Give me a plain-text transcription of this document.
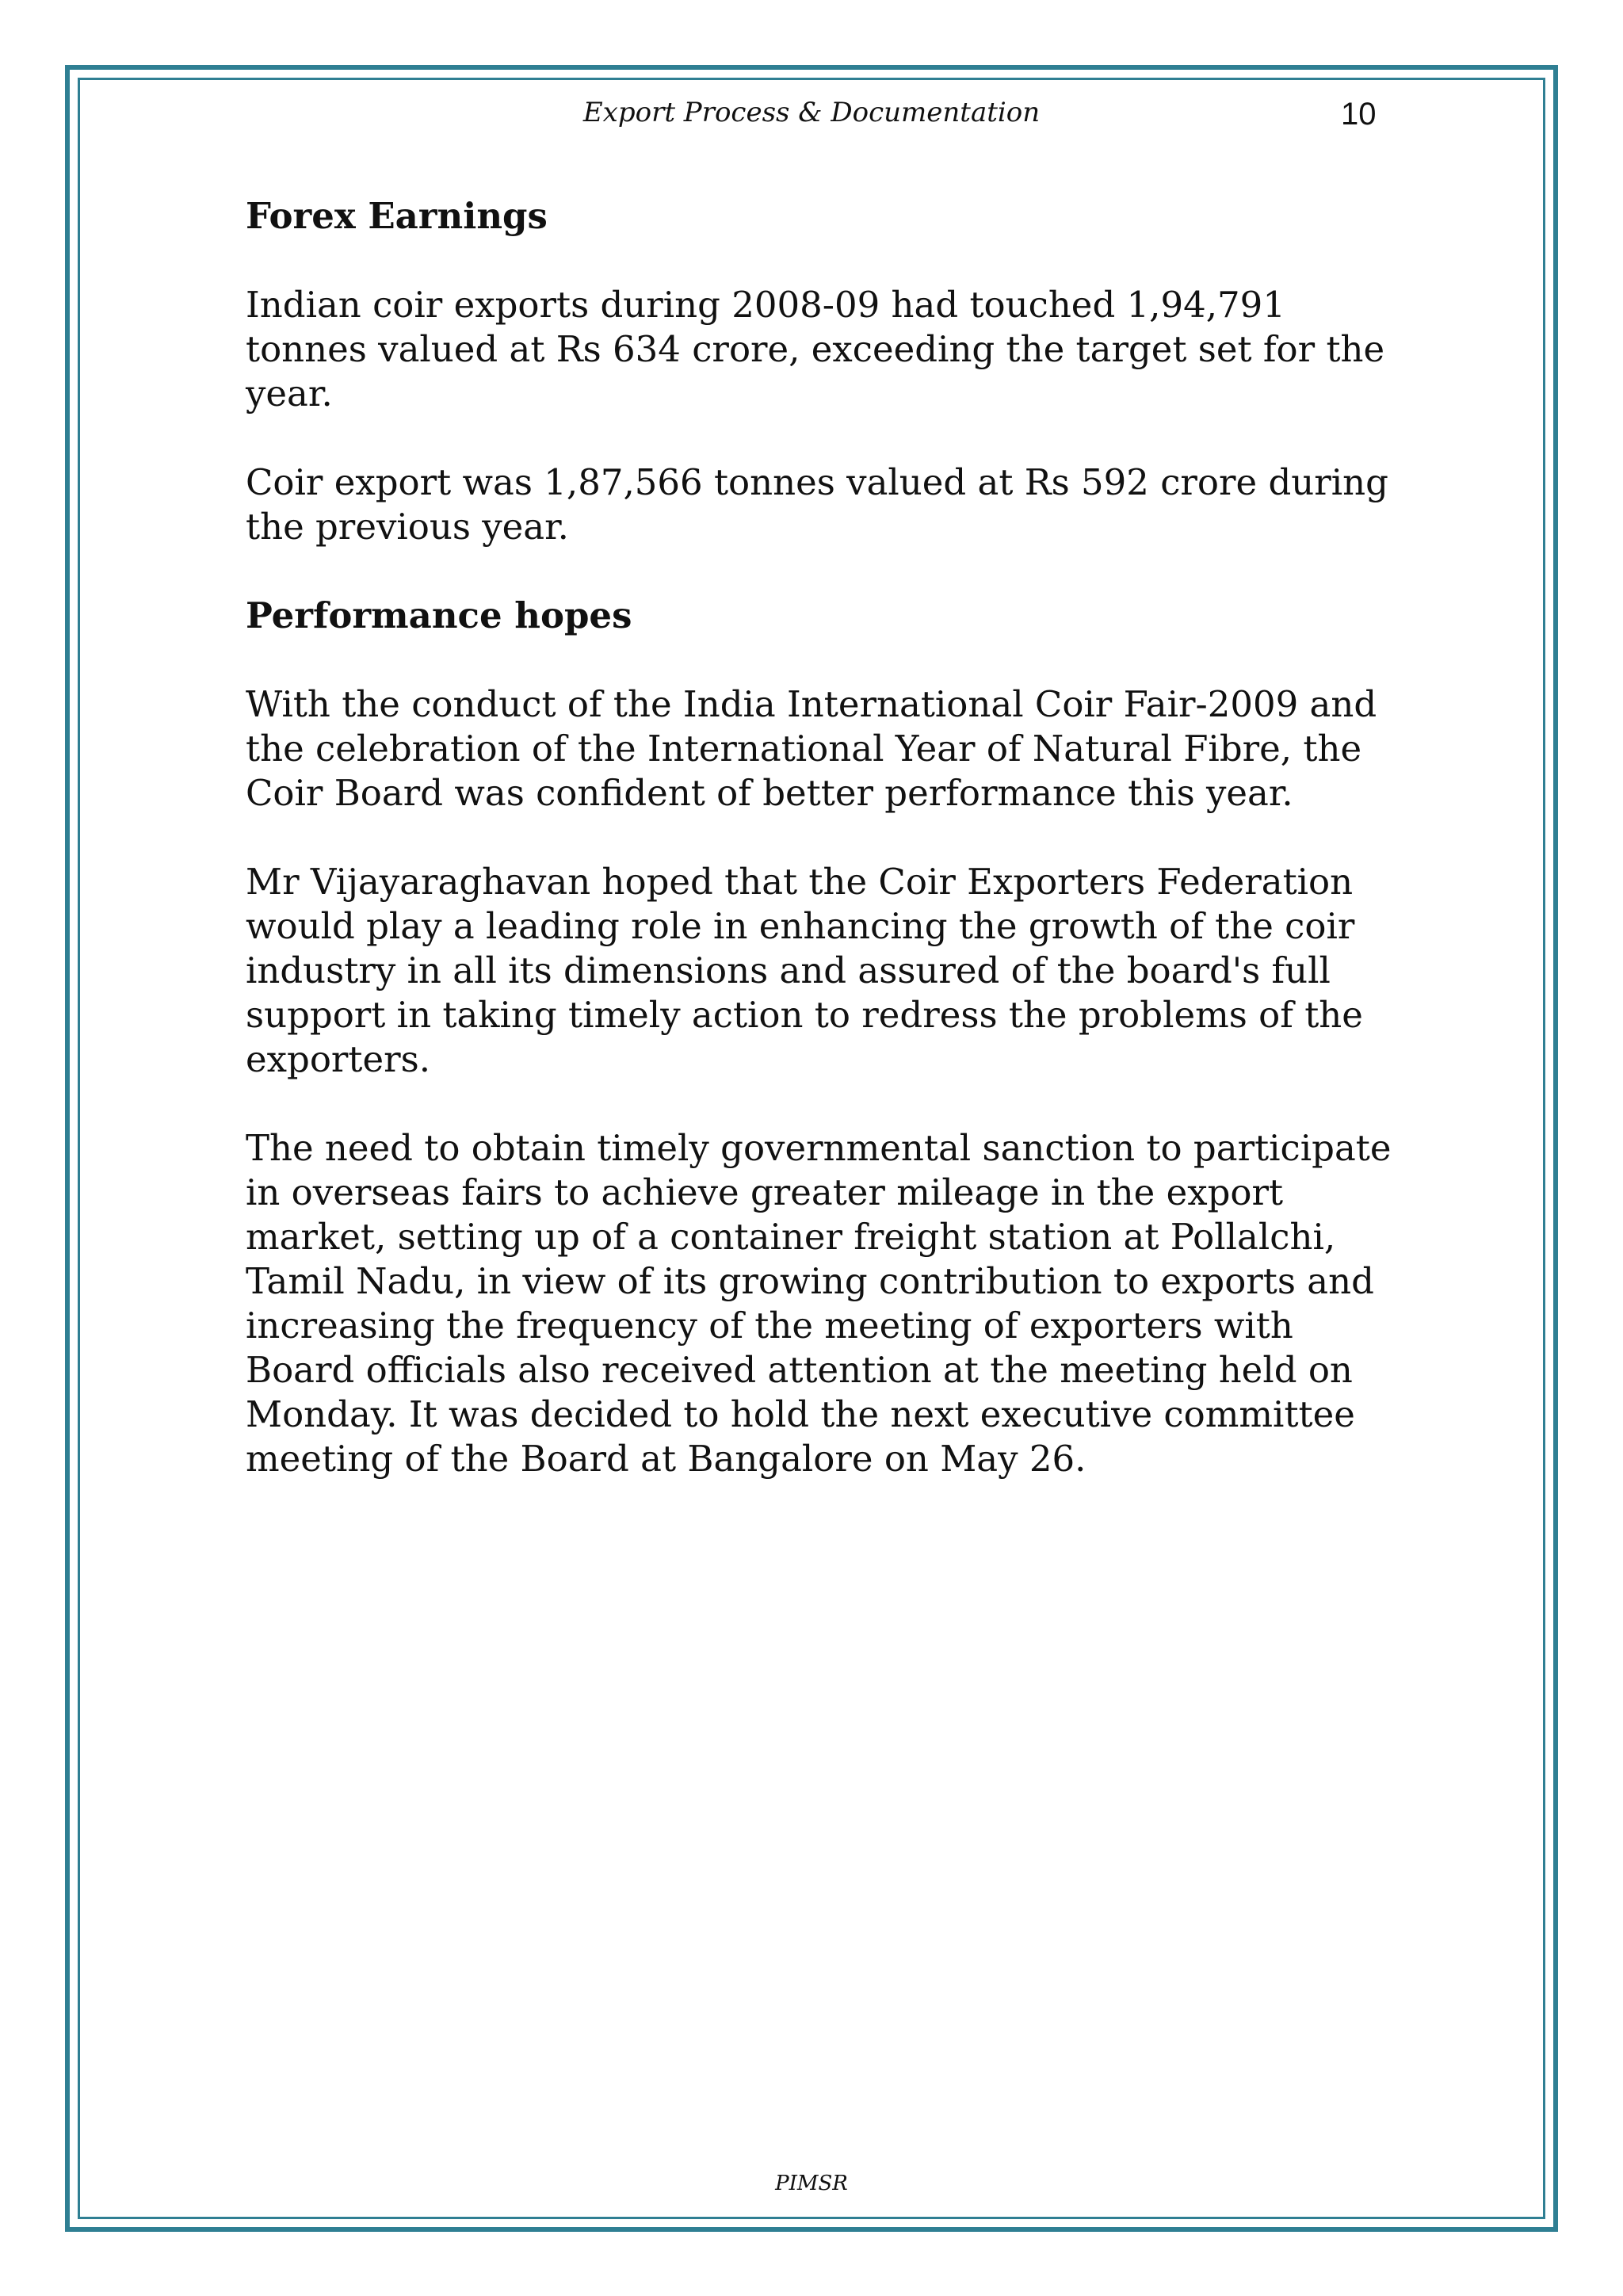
Export Process & Documentation	10
Forex Earnings

Indian coir exports during 2008-09 had touched 1,94,791 tonnes valued at Rs 634 crore, exceeding the target set for the year.

Coir export was 1,87,566 tonnes valued at Rs 592 crore during the previous year.

Performance hopes

With the conduct of the India International Coir Fair-2009 and the celebration of the International Year of Natural Fibre, the Coir Board was confident of better performance this year.

Mr Vijayaraghavan hoped that the Coir Exporters Federation would play a leading role in enhancing the growth of the coir industry in all its dimensions and assured of the board's full support in taking timely action to redress the problems of the exporters.

The need to obtain timely governmental sanction to participate in overseas fairs to achieve greater mileage in the export market, setting up of a container freight station at Pollalchi, Tamil Nadu, in view of its growing contribution to exports and increasing the frequency of the meeting of exporters with Board officials also received attention at the meeting held on Monday. It was decided to hold the next executive committee meeting of the Board at Bangalore on May 26.

PIMSR
